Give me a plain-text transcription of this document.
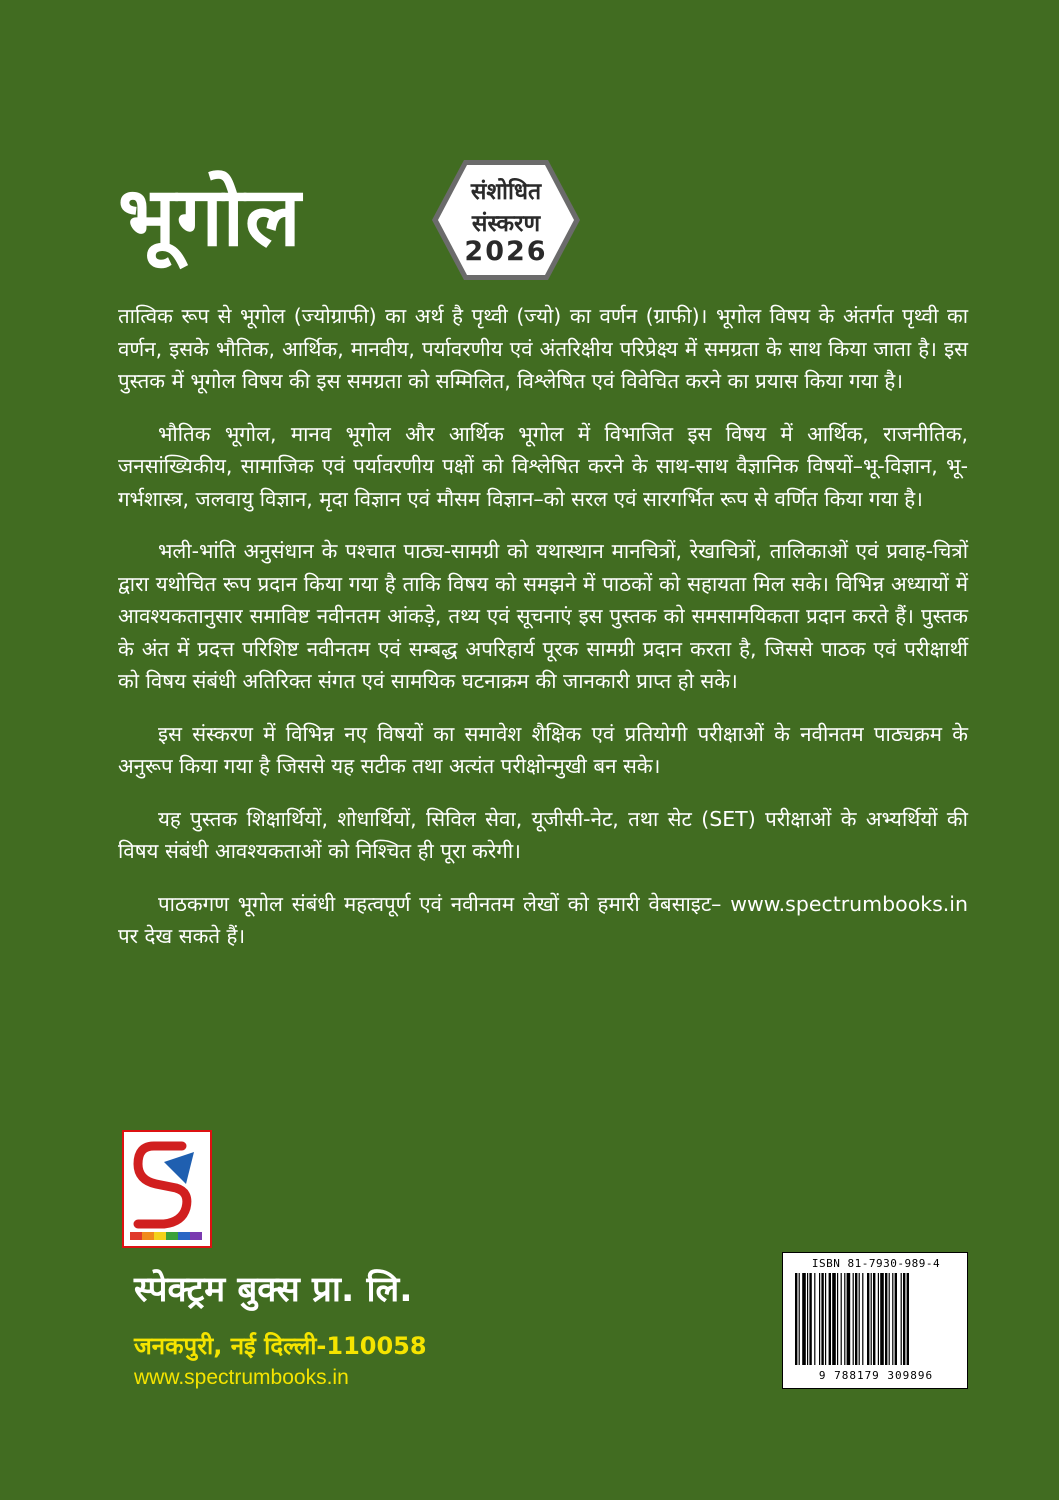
भूगोल	संशोधित
संस्करण
2026

तात्विक रूप से भूगोल (ज्योग्राफी) का अर्थ है पृथ्वी (ज्यो) का वर्णन (ग्राफी)। भूगोल विषय के अंतर्गत पृथ्वी का वर्णन, इसके भौतिक, आर्थिक, मानवीय, पर्यावरणीय एवं अंतरिक्षीय परिप्रेक्ष्य में समग्रता के साथ किया जाता है। इस पुस्तक में भूगोल विषय की इस समग्रता को सम्मिलित, विश्लेषित एवं विवेचित करने का प्रयास किया गया है।

भौतिक भूगोल, मानव भूगोल और आर्थिक भूगोल में विभाजित इस विषय में आर्थिक, राजनीतिक, जनसांख्यिकीय, सामाजिक एवं पर्यावरणीय पक्षों को विश्लेषित करने के साथ-साथ वैज्ञानिक विषयों–भू-विज्ञान, भू-गर्भशास्त्र, जलवायु विज्ञान, मृदा विज्ञान एवं मौसम विज्ञान–को सरल एवं सारगर्भित रूप से वर्णित किया गया है।

भली-भांति अनुसंधान के पश्चात पाठ्य-सामग्री को यथास्थान मानचित्रों, रेखाचित्रों, तालिकाओं एवं प्रवाह-चित्रों द्वारा यथोचित रूप प्रदान किया गया है ताकि विषय को समझने में पाठकों को सहायता मिल सके। विभिन्न अध्यायों में आवश्यकतानुसार समाविष्ट नवीनतम आंकड़े, तथ्य एवं सूचनाएं इस पुस्तक को समसामयिकता प्रदान करते हैं। पुस्तक के अंत में प्रदत्त परिशिष्ट नवीनतम एवं सम्बद्ध अपरिहार्य पूरक सामग्री प्रदान करता है, जिससे पाठक एवं परीक्षार्थी को विषय संबंधी अतिरिक्त संगत एवं सामयिक घटनाक्रम की जानकारी प्राप्त हो सके।

इस संस्करण में विभिन्न नए विषयों का समावेश शैक्षिक एवं प्रतियोगी परीक्षाओं के नवीनतम पाठ्यक्रम के अनुरूप किया गया है जिससे यह सटीक तथा अत्यंत परीक्षोन्मुखी बन सके।

यह पुस्तक शिक्षार्थियों, शोधार्थियों, सिविल सेवा, यूजीसी-नेट, तथा सेट (SET) परीक्षाओं के अभ्यर्थियों की विषय संबंधी आवश्यकताओं को निश्चित ही पूरा करेगी।

पाठकगण भूगोल संबंधी महत्वपूर्ण एवं नवीनतम लेखों को हमारी वेबसाइट– www.spectrumbooks.in पर देख सकते हैं।

स्पेक्ट्रम बुक्स प्रा. लि.
जनकपुरी, नई दिल्ली-110058
www.spectrumbooks.in
ISBN 81-7930-989-4
9 788179 309896
